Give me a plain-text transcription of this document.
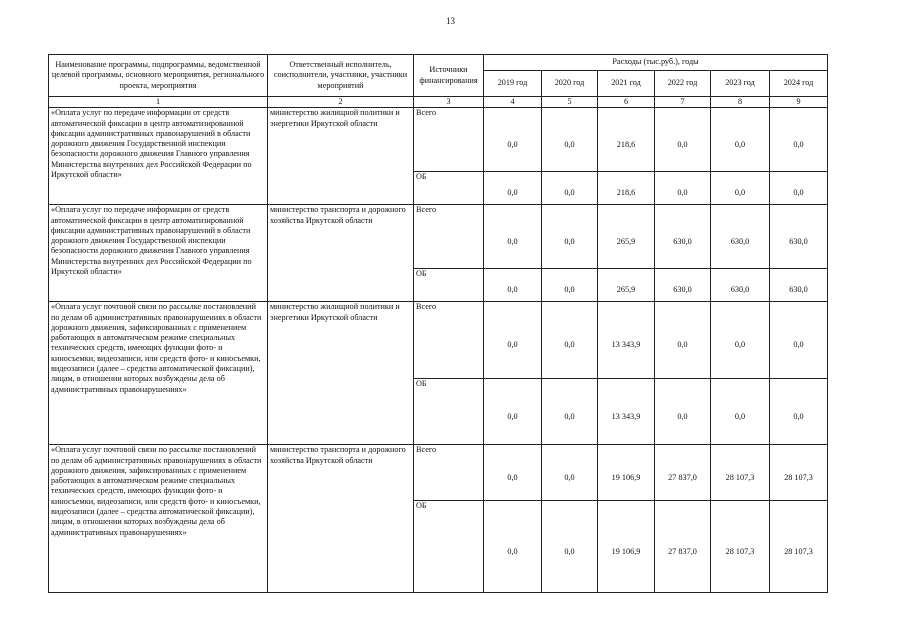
13
Наименование программы, подпрограммы, ведомственной целевой программы, основного мероприятия, регионального проекта, мероприятия	Ответственный исполнитель, соисполнители, участники, участники мероприятий	Источники финансирования	Расходы (тыс.руб.), годы					
			2019 год	2020 год	2021 год	2022 год	2023 год	2024 год
1	2	3	4	5	6	7	8	9
«Оплата услуг по передаче информации от средств автоматической фиксации в центр автоматизированной фиксации административных правонарушений в области дорожного движения Государственной инспекции безопасности дорожного движения Главного управления Министерства внутренних дел Российской Федерации по Иркутской области»	министерство жилищной политики и энергетики Иркутской области	Всего	0,0	0,0	218,6	0,0	0,0	0,0
		ОБ	0,0	0,0	218,6	0,0	0,0	0,0
«Оплата услуг по передаче информации от средств автоматической фиксации в центр автоматизированной фиксации административных правонарушений в области дорожного движения Государственной инспекции безопасности дорожного движения Главного управления Министерства внутренних дел Российской Федерации по Иркутской области»	министерство транспорта и дорожного хозяйства Иркутской области	Всего	0,0	0,0	265,9	630,0	630,0	630,0
		ОБ	0,0	0,0	265,9	630,0	630,0	630,0
«Оплата услуг почтовой связи по рассылке постановлений по делам об административных правонарушениях в области дорожного движения, зафиксированных с применением работающих в автоматическом режиме специальных технических средств, имеющих функции фото- и киносъемки, видеозаписи, или средств фото- и киносъемки, видеозаписи (далее – средства автоматической фиксации), лицам, в отношении которых возбуждены дела об административных правонарушениях»	министерство жилищной политики и энергетики Иркутской области	Всего	0,0	0,0	13 343,9	0,0	0,0	0,0
		ОБ	0,0	0,0	13 343,9	0,0	0,0	0,0
«Оплата услуг почтовой связи по рассылке постановлений по делам об административных правонарушениях в области дорожного движения, зафиксированных с применением работающих в автоматическом режиме специальных технических средств, имеющих функции фото- и киносъемки, видеозаписи, или средств фото- и киносъемки, видеозаписи (далее – средства автоматической фиксации), лицам, в отношении которых возбуждены дела об административных правонарушениях»	министерство транспорта и дорожного хозяйства Иркутской области	Всего	0,0	0,0	19 106,9	27 837,0	28 107,3	28 107,3
		ОБ	0,0	0,0	19 106,9	27 837,0	28 107,3	28 107,3
